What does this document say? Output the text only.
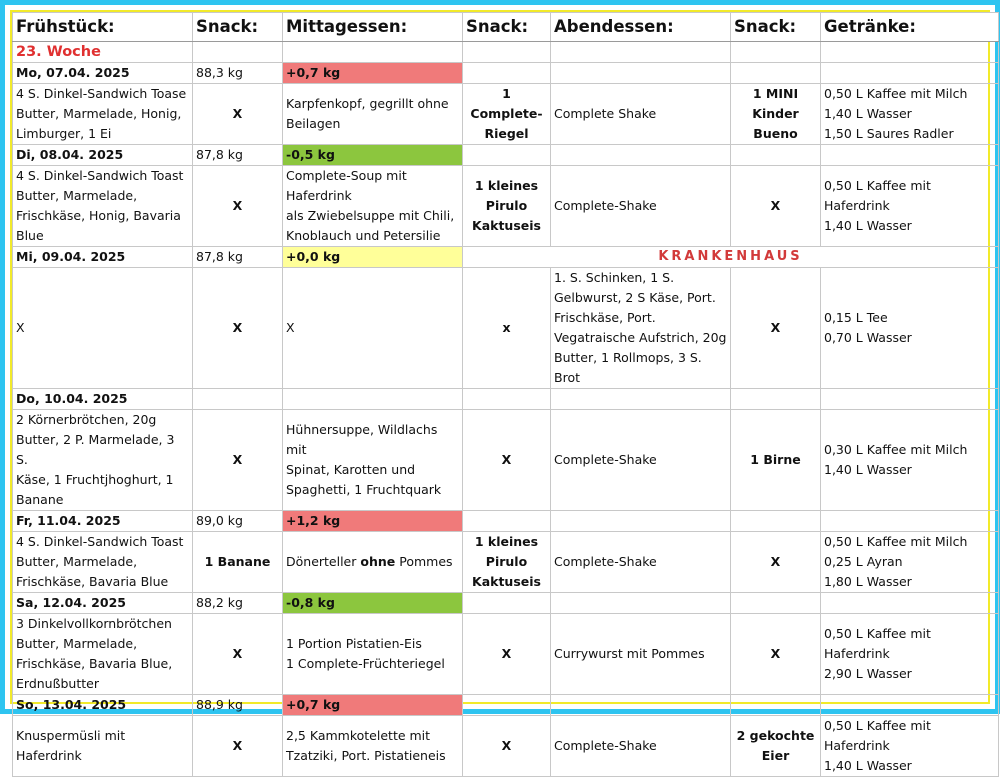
Frühstück:	Snack:	Mittagessen:	Snack:	Abendessen:	Snack:	Getränke:
23. Woche						
Mo, 07.04. 2025	88,3 kg	+0,7 kg				

4 S. Dinkel-Sandwich Toase
Butter, Marmelade, Honig,
Limburger, 1 Ei	X	Karpfenkopf, gegrillt ohne
Beilagen	1 Complete-
Riegel	Complete Shake	1 MINI Kinder
Bueno	0,50 L Kaffee mit Milch
1,40 L Wasser
1,50 L Saures Radler

Di, 08.04. 2025	87,8 kg	-0,5 kg				

4 S. Dinkel-Sandwich Toast
Butter, Marmelade,
Frischkäse, Honig, Bavaria
Blue	X	Complete-Soup mit
Haferdrink
als Zwiebelsuppe mit Chili,
Knoblauch und Petersilie	1 kleines
Pirulo
Kaktuseis	Complete-Shake	X	0,50 L Kaffee mit Haferdrink
1,40 L Wasser

Mi, 09.04. 2025	87,8 kg	+0,0 kg	KRANKENHAUS			

X	X	X	x	1. S. Schinken, 1 S.
Gelbwurst, 2 S Käse, Port.
Frischkäse, Port.
Vegatraische Aufstrich, 20g
Butter, 1 Rollmops, 3 S. Brot	X	0,15 L Tee
0,70 L Wasser

Do, 10.04. 2025						

2 Körnerbrötchen, 20g
Butter, 2 P. Marmelade, 3 S.
Käse, 1 Fruchtjhoghurt, 1
Banane	X	Hühnersuppe, Wildlachs mit
Spinat, Karotten und
Spaghetti, 1 Fruchtquark	X	Complete-Shake	1 Birne	0,30 L Kaffee mit Milch
1,40 L Wasser

Fr, 11.04. 2025	89,0 kg	+1,2 kg				

4 S. Dinkel-Sandwich Toast
Butter, Marmelade,
Frischkäse, Bavaria Blue	1 Banane	Dönerteller ohne Pommes	1 kleines
Pirulo
Kaktuseis	Complete-Shake	X	0,50 L Kaffee mit Milch
0,25 L Ayran
1,80 L Wasser

Sa, 12.04. 2025	88,2 kg	-0,8 kg				

3 Dinkelvollkornbrötchen
Butter, Marmelade,
Frischkäse, Bavaria Blue,
Erdnußbutter	X	1 Portion Pistatien-Eis
1 Complete-Früchteriegel	X	Currywurst mit Pommes	X	0,50 L Kaffee mit Haferdrink
2,90 L Wasser

So, 13.04. 2025	88,9 kg	+0,7 kg				

Knuspermüsli mit
Haferdrink	X	2,5 Kammkotelette mit
Tzatziki, Port. Pistatieneis	X	Complete-Shake	2 gekochte
Eier	0,50 L Kaffee mit Haferdrink
1,40 L Wasser
